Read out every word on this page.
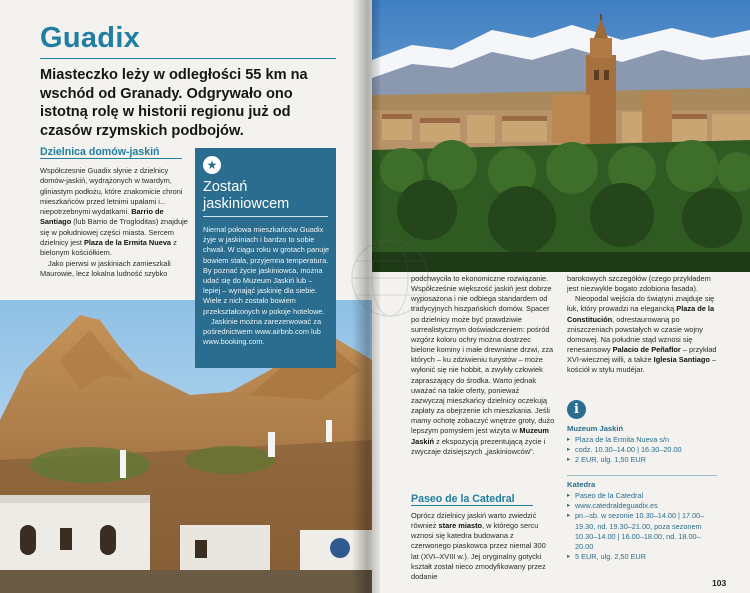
Guadix
Miasteczko leży w odległości 55 km na wschód od Granady. Odgrywało ono istotną rolę w historii regionu już od czasów rzymskich podbojów.
Dzielnica domów-jaskiń

Współczesnie Guadix słynie z dzielnicy domów-jaskiń, wydrążonych w twardym, gliniastym podłożu, które znakomicie chroni mieszkańców przed letnimi upałami i... niepotrzebnymi wydatkami. Barrio de Santiago (lub Barrio de Trogloditas) znajduje się w południowej części miasta. Sercem dzielnicy jest Plaza de la Ermita Nueva z bielonym kościółkiem.

Jako pierwsi w jaskiniach zamieszkali Maurowie, lecz lokalna ludność szybko

★
Zostań jaskiniowcem

Niemal połowa mieszkańców Guadix żyje w jaskiniach i bardzo to sobie chwali. W ciągu roku w grotach panuje bowiem stała, przyjemna temperatura. By poznać życie jaskiniowca, można udać się do Muzeum Jaskiń lub – lepiej – wynająć jaskinię dla siebie. Wiele z nich zostało bowiem przekształconych w pokoje hotelowe.

Jaskinie można zarezerwować za pośrednictwem www.airbnb.com lub www.booking.com.

podchwyciła to ekonomiczne rozwiązanie. Współcześnie większość jaskiń jest dobrze wyposażona i nie odbiega standardem od tradycyjnych hiszpańskich domów. Spacer po dzielnicy może być prawdziwie surrealistycznym doświadczeniem: pośród wzgórz koloru ochry można dostrzec bielone kominy i małe drewniane drzwi, zza których – ku zdziwieniu turystów – może wyłonić się nie hobbit, a zwykły człowiek zapraszający do środka. Warto jednak uważać na takie oferty, ponieważ zazwyczaj mieszkańcy dzielnicy oczekują zapłaty za obejrzenie ich mieszkania. Jeśli mamy ochotę zobaczyć wnętrze groty, dużo lepszym pomysłem jest wizyta w Muzeum Jaskiń z ekspozycją prezentującą życie i zwyczaje dzisiejszych „jaskiniowców”.

Paseo de la Catedral

Oprócz dzielnicy jaskiń warto zwiedzić również stare miasto, w którego sercu wznosi się katedra budowana z czerwonego piaskowca przez niemal 300 lat (XVI–XVIII w.). Jej oryginalny gotycki kształt został nieco zmodyfikowany przez dodanie

barokowych szczegółów (czego przykładem jest niezwykle bogato zdobiona fasada).

Nieopodal wejścia do świątyni znajduje się łuk, który prowadzi na elegancką Plaza de la Constitución, odrestaurowaną po zniszczeniach powstałych w czasie wojny domowej. Na południe stąd wznosi się renesansowy Palacio de Peñaflor – przykład XVI-wiecznej willi, a także Iglesia Santiago – kościół w stylu mudéjar.

i
Muzeum Jaskiń
▸ Plaza de la Ermita Nueva s/n
▸ codz. 10.30–14.00 | 16.30–20.00
▸ 2 EUR, ulg. 1,50 EUR
Katedra
▸ Paseo de la Catedral
▸ www.catedraldeguadix.es
▸ pn.–sb. w sezonie 10.30–14.00 | 17.00–19.30, nd. 19.30–21.00, poza sezonem 10.30–14.00 | 16.00–18.00, nd. 18.00–20.00
▸ 5 EUR, ulg. 2,50 EUR
103
